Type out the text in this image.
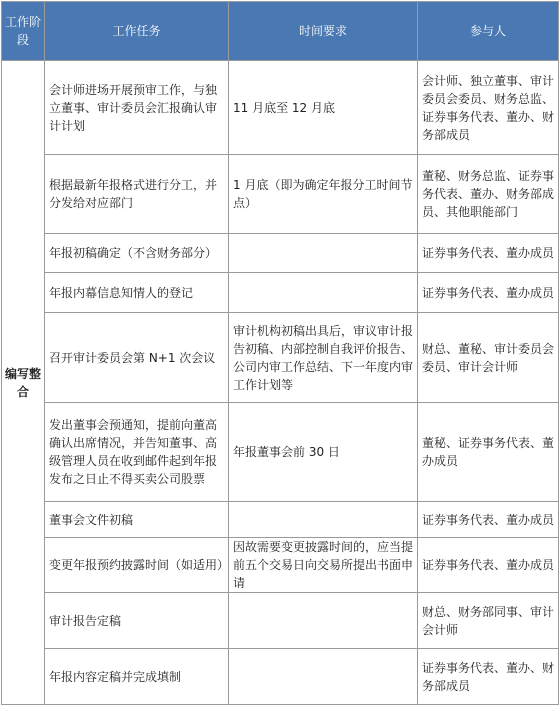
工作阶段	工作任务	时间要求	参与人
编写整合	会计师进场开展预审工作，与独立董事、审计委员会汇报确认审计计划	11 月底至 12 月底	会计师、独立董事、审计委员会委员、财务总监、证券事务代表、董办、财务部成员
	根据最新年报格式进行分工，并分发给对应部门	1 月底（即为确定年报分工时间节点）	董秘、财务总监、证券事务代表、董办、财务部成员、其他职能部门
	年报初稿确定（不含财务部分）		证券事务代表、董办成员
	年报内幕信息知情人的登记		证券事务代表、董办成员
	召开审计委员会第 N+1 次会议	审计机构初稿出具后，审议审计报告初稿、内部控制自我评价报告、公司内审工作总结、下一年度内审工作计划等	财总、董秘、审计委员会委员、审计会计师
	发出董事会预通知，提前向董高确认出席情况，并告知董事、高级管理人员在收到邮件起到年报发布之日止不得买卖公司股票	年报董事会前 30 日	董秘、证券事务代表、董办成员
	董事会文件初稿		证券事务代表、董办成员
	变更年报预约披露时间（如适用）	因故需要变更披露时间的，应当提前五个交易日向交易所提出书面申请	证券事务代表、董办成员
	审计报告定稿		财总、财务部同事、审计会计师
	年报内容定稿并完成填制		证券事务代表、董办、财务部成员
